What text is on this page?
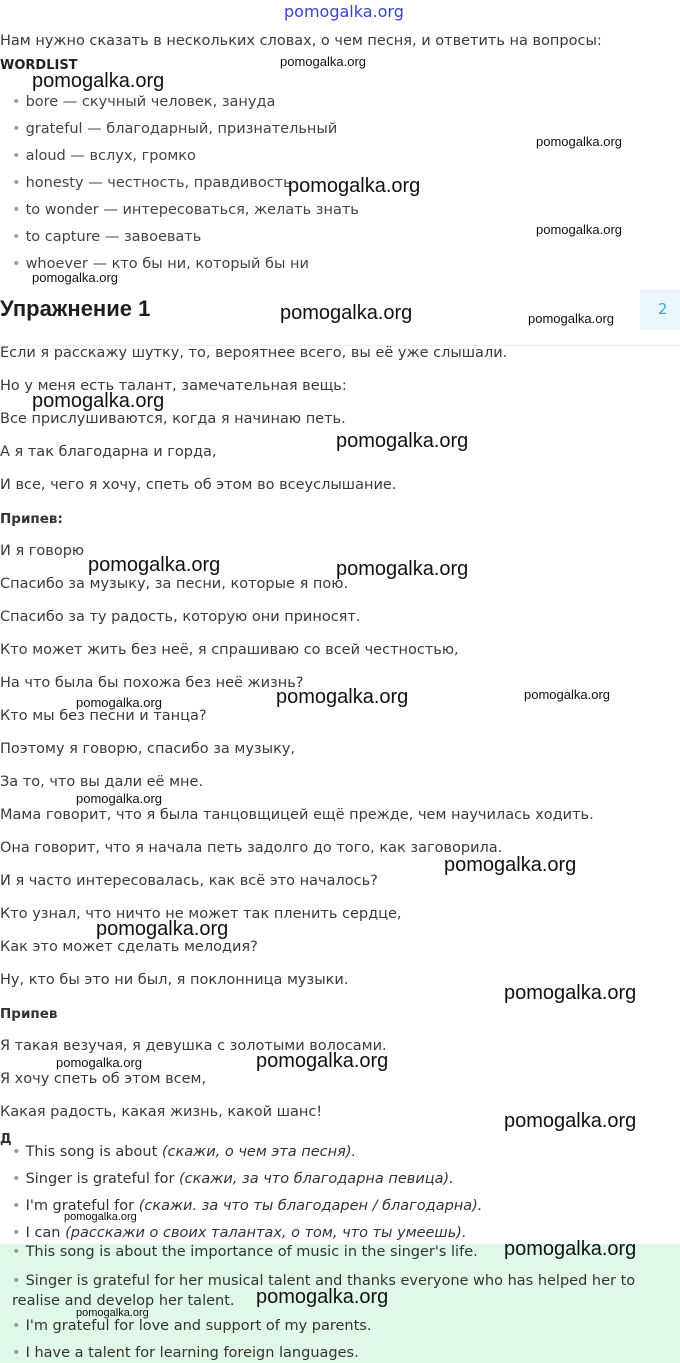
pomogalka.org
Нам нужно сказать в нескольких словах, о чем песня, и ответить на вопросы:
WORDLIST
• bore — скучный человек, зануда
• grateful — благодарный, признательный
• aloud — вслух, громко
• honesty — честность, правдивость
• to wonder — интересоваться, желать знать
• to capture — завоевать
• whoever — кто бы ни, который бы ни
Упражнение 1	2
Если я расскажу шутку, то, вероятнее всего, вы её уже слышали.
Но у меня есть талант, замечательная вещь:
Все прислушиваются, когда я начинаю петь.
А я так благодарна и горда,
И все, чего я хочу, спеть об этом во всеуслышание.
Припев:
И я говорю
Спасибо за музыку, за песни, которые я пою.
Спасибо за ту радость, которую они приносят.
Кто может жить без неё, я спрашиваю со всей честностью,
На что была бы похожа без неё жизнь?
Кто мы без песни и танца?
Поэтому я говорю, спасибо за музыку,
За то, что вы дали её мне.
Мама говорит, что я была танцовщицей ещё прежде, чем научилась ходить.
Она говорит, что я начала петь задолго до того, как заговорила.
И я часто интересовалась, как всё это началось?
Кто узнал, что ничто не может так пленить сердце,
Как это может сделать мелодия?
Ну, кто бы это ни был, я поклонница музыки.
Припев
Я такая везучая, я девушка с золотыми волосами.
Я хочу спеть об этом всем,
Какая радость, какая жизнь, какой шанс!
Д
• This song is about (скажи, о чем эта песня).
• Singer is grateful for (скажи, за что благодарна певица).
• I'm grateful for (скажи. за что ты благодарен / благодарна).
• I can (расскажи о своих талантах, о том, что ты умеешь).
• This song is about the importance of music in the singer's life.
• Singer is grateful for her musical talent and thanks everyone who has helped her to realise and develop her talent.
• I'm grateful for love and support of my parents.
• I have a talent for learning foreign languages.
pomogalka.org
pomogalka.org
pomogalka.org
pomogalka.org
pomogalka.org
pomogalka.org
pomogalka.org	pomogalka.org
pomogalka.org
pomogalka.org
pomogalka.org	pomogalka.org
pomogalka.org	pomogalka.org
pomogalka.org
pomogalka.org
pomogalka.org
pomogalka.org
pomogalka.org
pomogalka.org	pomogalka.org
pomogalka.org
pomogalka.org
pomogalka.org
pomogalka.org
pomogalka.org
